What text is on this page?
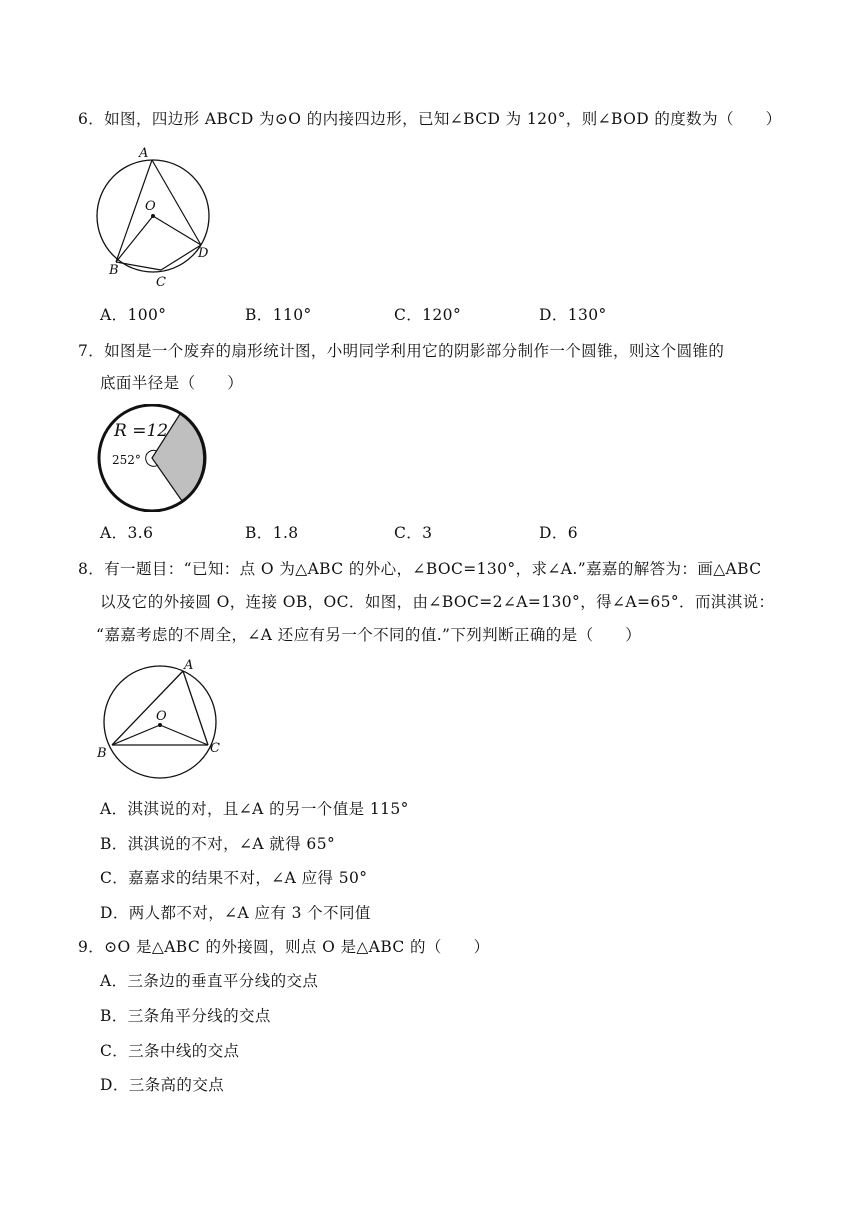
6．如图，四边形 ABCD 为⊙O 的内接四边形，已知∠BCD 为 120°，则∠BOD 的度数为（　　）
A
O
B
C
D
A．100°	B．110°	C．120°	D．130°
7．如图是一个废弃的扇形统计图，小明同学利用它的阴影部分制作一个圆锥，则这个圆锥的
底面半径是（　　）
R =12
252°
A．3.6	B．1.8	C．3	D．6
8．有一题目：“已知：点 O 为△ABC 的外心，∠BOC=130°，求∠A.”嘉嘉的解答为：画△ABC
以及它的外接圆 O，连接 OB，OC．如图，由∠BOC=2∠A=130°，得∠A=65°．而淇淇说：
“嘉嘉考虑的不周全，∠A 还应有另一个不同的值.”下列判断正确的是（　　）
A
O
B	C
A．淇淇说的对，且∠A 的另一个值是 115°
B．淇淇说的不对，∠A 就得 65°
C．嘉嘉求的结果不对，∠A 应得 50°
D．两人都不对，∠A 应有 3 个不同值
9．⊙O 是△ABC 的外接圆，则点 O 是△ABC 的（　　）
A．三条边的垂直平分线的交点
B．三条角平分线的交点
C．三条中线的交点
D．三条高的交点
